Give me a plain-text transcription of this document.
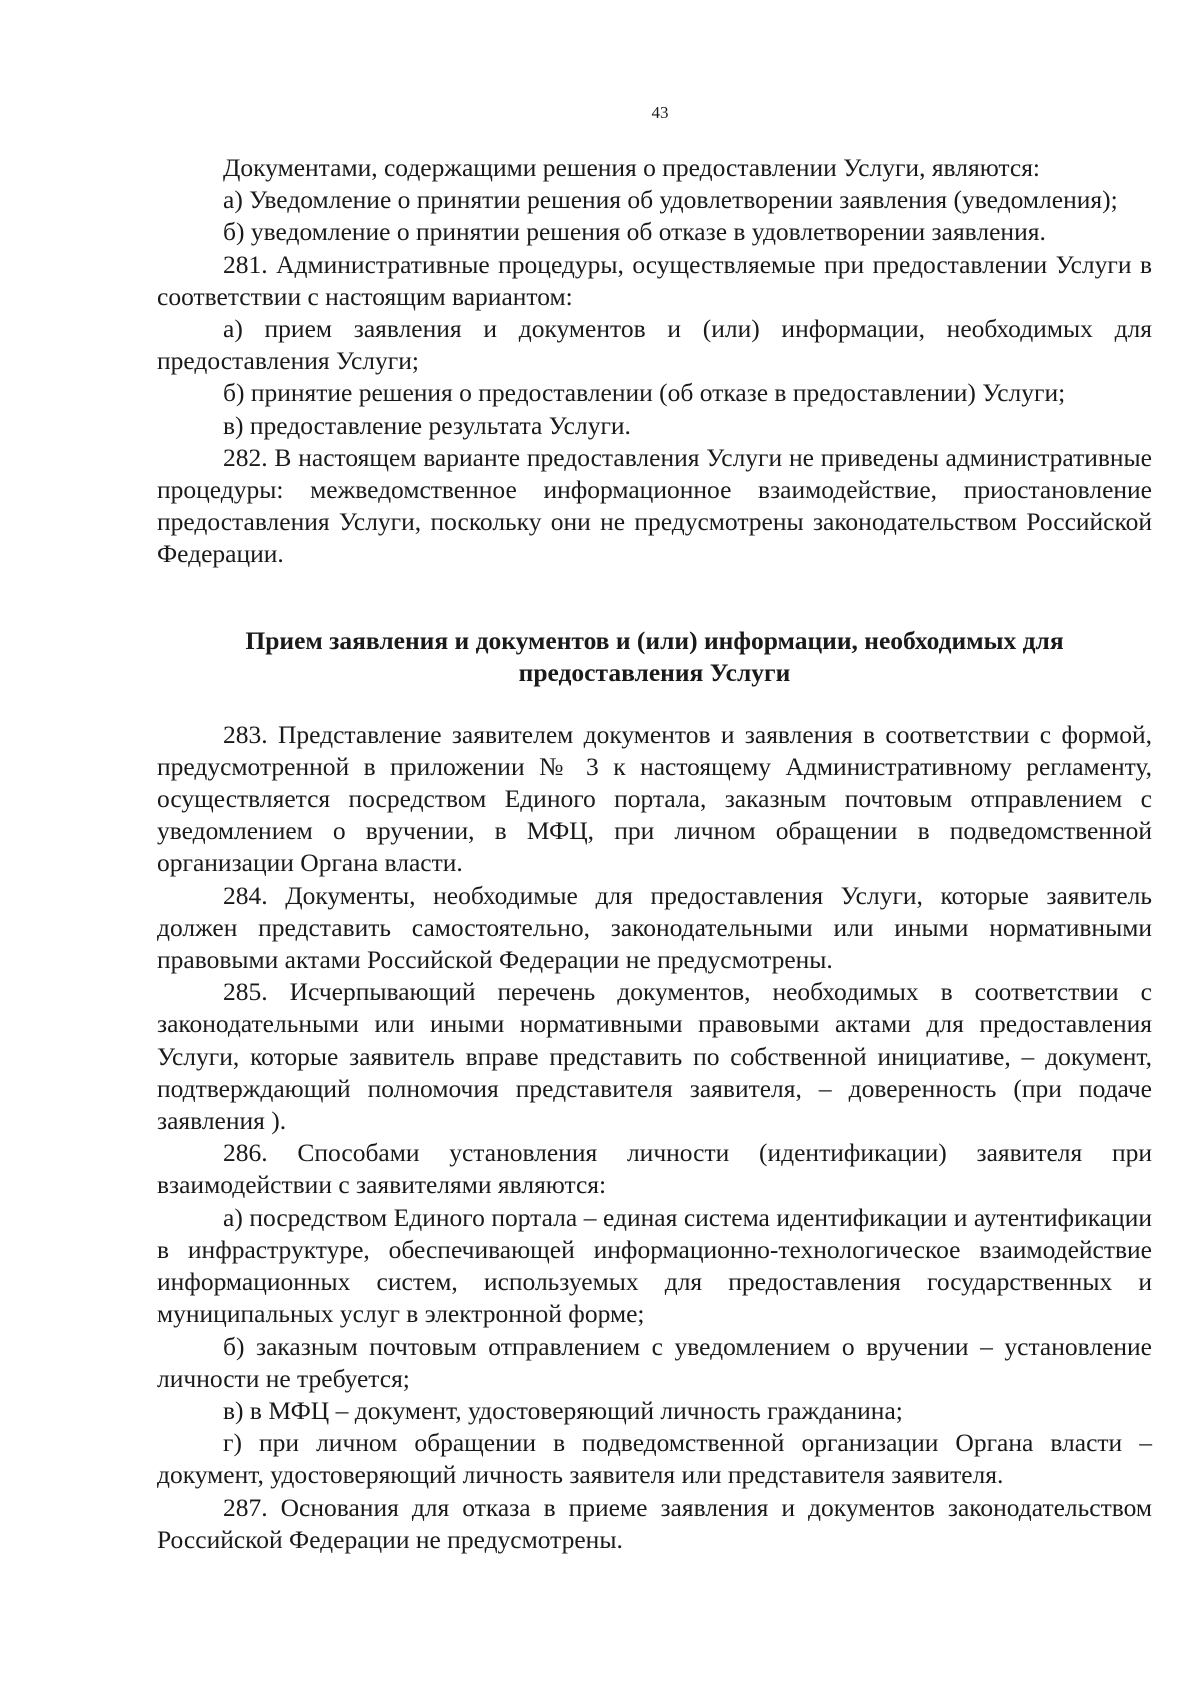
43

Документами, содержащими решения о предоставлении Услуги, являются:

а) Уведомление о принятии решения об удовлетворении заявления (уведомления);

б) уведомление о принятии решения об отказе в удовлетворении заявления.

281. Административные процедуры, осуществляемые при предоставлении Услуги в соответствии с настоящим вариантом:

а) прием заявления и документов и (или) информации, необходимых для предоставления Услуги;

б) принятие решения о предоставлении (об отказе в предоставлении) Услуги;

в) предоставление результата Услуги.

282. В настоящем варианте предоставления Услуги не приведены административные процедуры: межведомственное информационное взаимодействие, приостановление предоставления Услуги, поскольку они не предусмотрены законодательством Российской Федерации.

Прием заявления и документов и (или) информации, необходимых для
предоставления Услуги

283. Представление заявителем документов и заявления в соответствии с формой, предусмотренной в приложении № 3 к настоящему Административному регламенту, осуществляется посредством Единого портала, заказным почтовым отправлением с уведомлением о вручении, в МФЦ, при личном обращении в подведомственной организации Органа власти.

284. Документы, необходимые для предоставления Услуги, которые заявитель должен представить самостоятельно, законодательными или иными нормативными правовыми актами Российской Федерации не предусмотрены.

285. Исчерпывающий перечень документов, необходимых в соответствии с законодательными или иными нормативными правовыми актами для предоставления Услуги, которые заявитель вправе представить по собственной инициативе, – документ, подтверждающий полномочия представителя заявителя, – доверенность (при подаче заявления ).

286. Способами установления личности (идентификации) заявителя при взаимодействии с заявителями являются:

а) посредством Единого портала – единая система идентификации и аутентификации в инфраструктуре, обеспечивающей информационно-технологическое взаимодействие информационных систем, используемых для предоставления государственных и муниципальных услуг в электронной форме;

б) заказным почтовым отправлением с уведомлением о вручении – установление личности не требуется;

в) в МФЦ – документ, удостоверяющий личность гражданина;

г) при личном обращении в подведомственной организации Органа власти – документ, удостоверяющий личность заявителя или представителя заявителя.

287. Основания для отказа в приеме заявления и документов законодательством Российской Федерации не предусмотрены.
